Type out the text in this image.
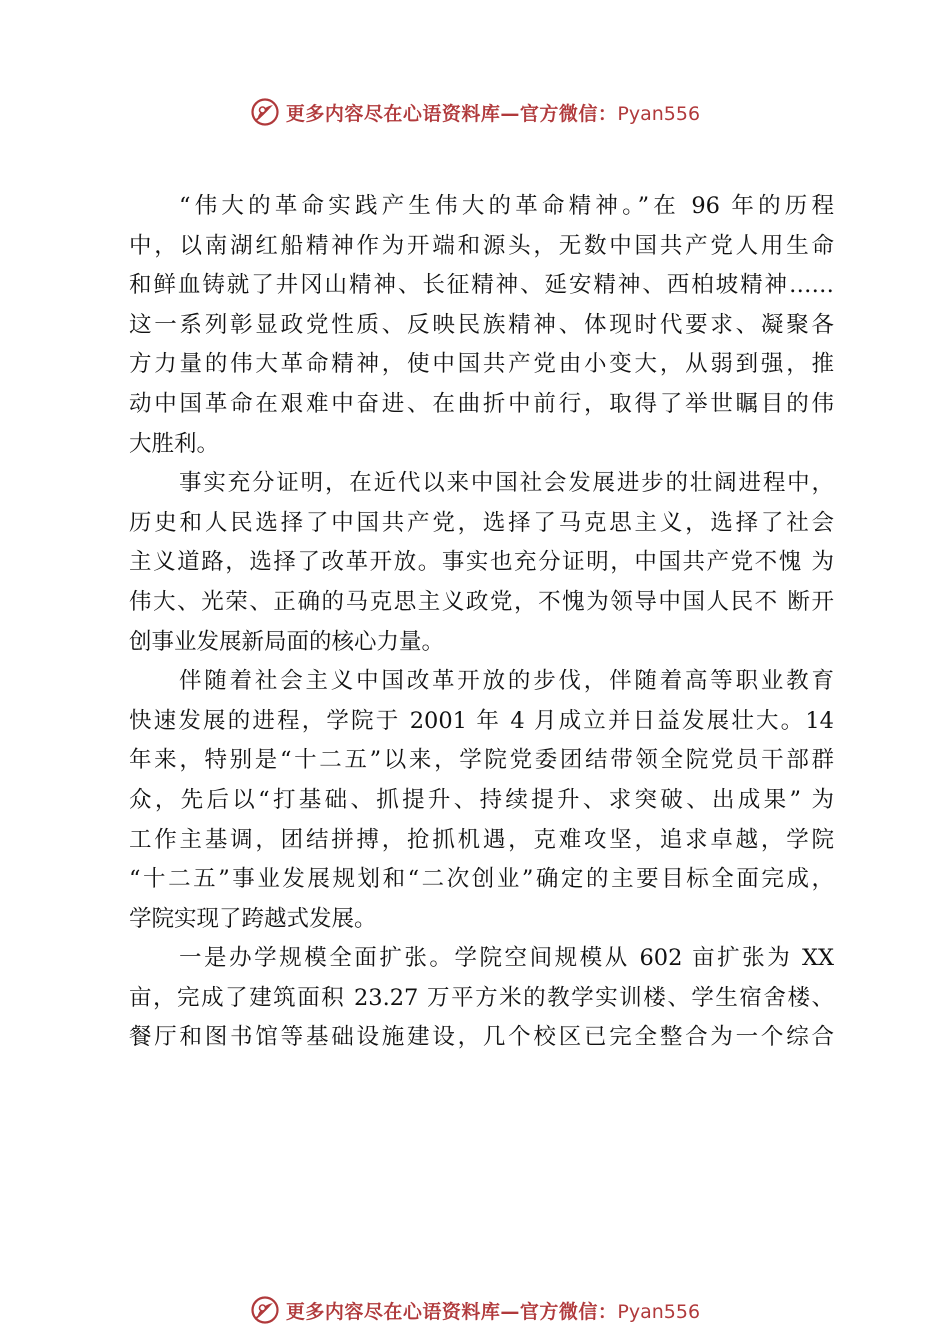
更多内容尽在心语资料库—官方微信：Pyan556
“伟大的革命实践产生伟大的革命精神。”在 96 年的历程
中，以南湖红船精神作为开端和源头，无数中国共产党人用生命
和鲜血铸就了井冈山精神、长征精神、延安精神、西柏坡精神……
这一系列彰显政党性质、反映民族精神、体现时代要求、凝聚各
方力量的伟大革命精神，使中国共产党由小变大，从弱到强，推
动中国革命在艰难中奋进、在曲折中前行，取得了举世瞩目的伟
大胜利。
事实充分证明，在近代以来中国社会发展进步的壮阔进程中，
历史和人民选择了中国共产党，选择了马克思主义，选择了社会
主义道路，选择了改革开放。事实也充分证明，中国共产党不愧 为
伟大、光荣、正确的马克思主义政党，不愧为领导中国人民不 断开
创事业发展新局面的核心力量。
伴随着社会主义中国改革开放的步伐，伴随着高等职业教育
快速发展的进程，学院于 2001 年 4 月成立并日益发展壮大。14
年来，特别是“十二五”以来，学院党委团结带领全院党员干部群
众，先后以“打基础、抓提升、持续提升、求突破、出成果” 为
工作主基调，团结拼搏，抢抓机遇，克难攻坚，追求卓越，学院
“十二五”事业发展规划和“二次创业”确定的主要目标全面完成，
学院实现了跨越式发展。
一是办学规模全面扩张。学院空间规模从 602 亩扩张为 XX
亩，完成了建筑面积 23.27 万平方米的教学实训楼、学生宿舍楼、
餐厅和图书馆等基础设施建设，几个校区已完全整合为一个综合
更多内容尽在心语资料库—官方微信：Pyan556
